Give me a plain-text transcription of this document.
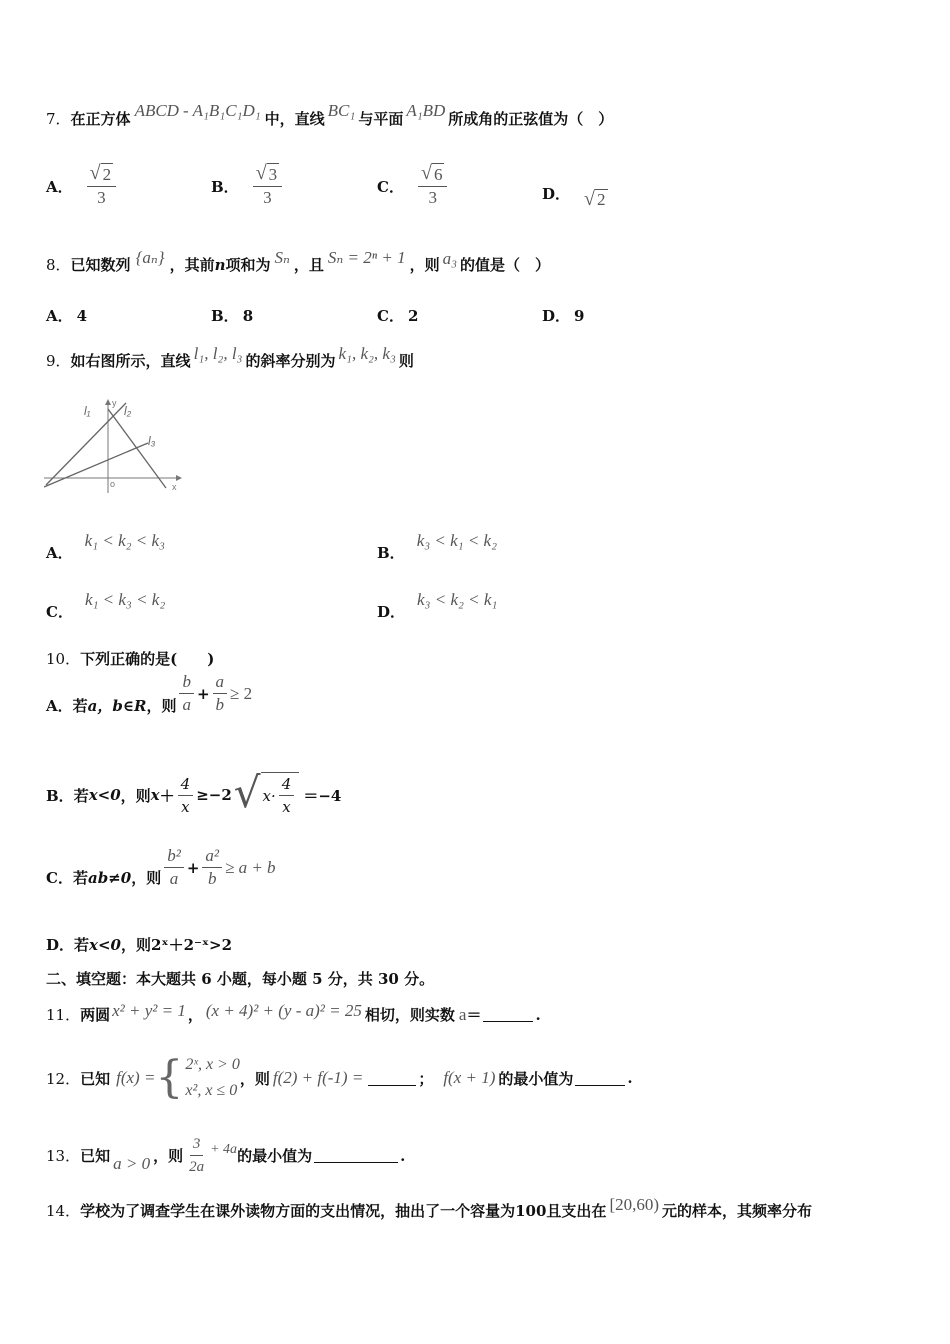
7． 在正方体 ABCD - A₁B₁C₁D₁ 中，直线 BC₁ 与平面 A₁BD 所成角的正弦值为（　）
A． $\frac{√ 2}{3}$	B． $\frac{√ 3}{3}$	C． $\frac{√ 6}{3}$	D． √ 2
8． 已知数列 {aₙ} ，其前 n 项和为 Sₙ ，且 Sₙ = 2ⁿ + 1 ，则 a₃ 的值是（　）
A． 4	B． 8	C． 2	D． 9
9． 如右图所示，直线 l₁, l₂, l₃ 的斜率分别为 k₁, k₂, k₃ 则
l₁	l₂
l₃
y
x
o
A．
k₁ < k₂ < k₃
B．
k₃ < k₁ < k₂
C．
k₁ < k₃ < k₂
D．
k₃ < k₂ < k₁
10． 下列正确的是(　　)
A． 若 a，b∈R ，则 $\frac{b}{a} + \frac{a}{b} \ge 2$
B． 若 x<0 ，则 $x + \frac{4}{x} \ge-2$ √ $x\cdot \frac{4}{x} =-4$
C． 若 ab≠0 ，则 $\frac{\text{b²}}{a} + \frac{\text{a²}}{b} \ge a + b$
D． 若 x<0 ，则 2ˣ＋2⁻ˣ>2
二、填空题：本大题共 6 小题，每小题 5 分，共 30 分。
11． 两圆 x² + y² = 1 ， (x + 4)² + (y - a)² = 25 相切，则实数 a ＝	.
12． 已知 f(x) = { 2ˣ, x > 0
x², x ≤ 0
，则 f(2) + f(-1) =	； f(x + 1) 的最小值为	.
13． 已知 a > 0 ，则 $\frac{3}{2a} + 4a$ 的最小值为	.
14． 学校为了调查学生在课外读物方面的支出情况，抽出了一个容量为 100 且支出在 [20,60) 元的样本，其频率分布
